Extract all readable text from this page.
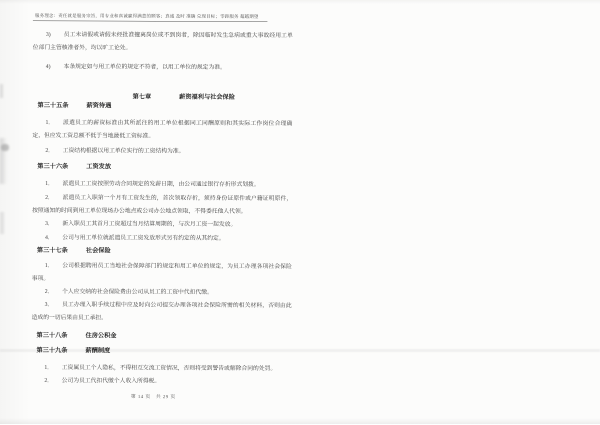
服务理念：责任就是服务宗旨，用专业和真诚赢得满意的顾客；真诚 及时 准确 兑现目标；零距服务 超越期望

3) 员工未请假或请假未经批准擅离岗位或不到岗者，除因临时发生急病或重大事故经用工单位部门主管核准者外，均以旷工论处。

4) 本条规定如与用工单位的规定不符者，以用工单位的规定为准。

第七章 薪资福利与社会保险
第三十五条 薪资待遇

1. 派遣员工的薪资标准由其所派往的用工单位根据同工同酬原则和其实际工作岗位合理确定，但应发工资总额不低于当地最低工资标准。

2. 工资结构根据以用工单位实行的工资结构为准。

第三十六条 工资发放

1. 派遣员工工资按照劳动合同规定的发薪日期，由公司通过银行存折形式划拨。

2. 派遣员工入职第一个月有工资发生的，首次领取存折，须持身份证原件或户籍证明原件，按照通知的时间到用工单位现场办公地点或公司办公地点领取，不得委托他人代领。

3. 新入职员工其首月工资超过当月结算周期的，与次月工资一起发放。

4. 公司与用工单位就派遣员工工资发放形式另有约定的从其约定。

第三十七条 社会保险

1. 公司根据聘用员工当地社会保障部门的规定和用工单位的规定，为员工办理各项社会保险事项。

2. 个人应交纳的社会保险费由公司从员工的工资中代扣代缴。

3. 员工办理入职手续过程中应及时向公司提交办理各项社会保险所需的相关材料，否则由此造成的一切后果由员工承担。

第三十八条 住房公积金
第三十九条 薪酬制度

1. 工资属员工个人隐私，不得相互交流工资情况，否则将受到警告或解除合同的处罚。

2. 公司为员工代扣代缴个人收入所得税。

第 14 页　共 29 页
